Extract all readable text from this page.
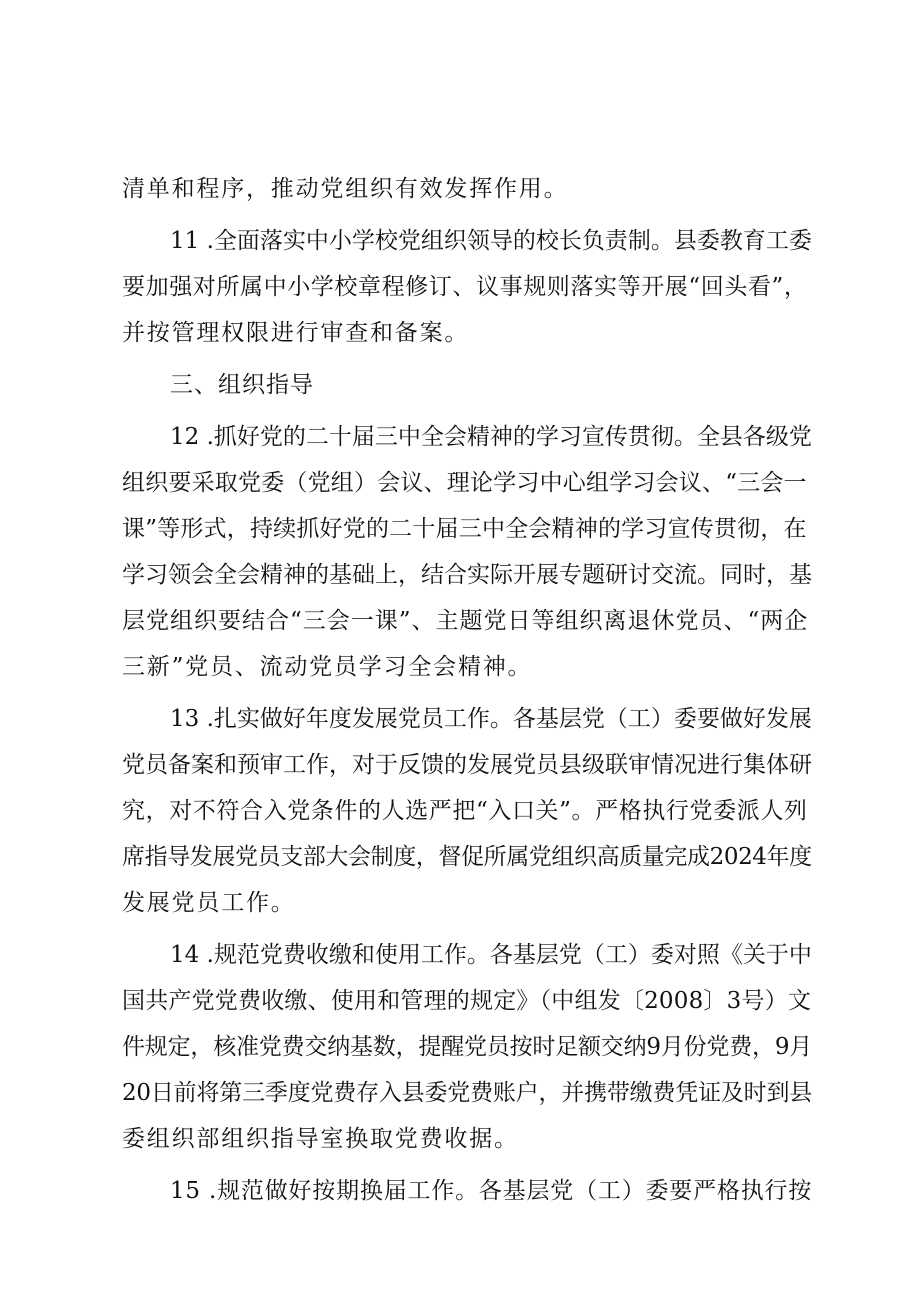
清单和程序，推动党组织有效发挥作用。
11 .全面落实中小学校党组织领导的校长负责制。县委教育工委
要加强对所属中小学校章程修订、议事规则落实等开展“回头看”，
并按管理权限进行审查和备案。
三、组织指导
12 .抓好党的二十届三中全会精神的学习宣传贯彻。全县各级党
组织要采取党委（党组）会议、理论学习中心组学习会议、“三会一
课”等形式，持续抓好党的二十届三中全会精神的学习宣传贯彻，在
学习领会全会精神的基础上，结合实际开展专题研讨交流。同时，基
层党组织要结合“三会一课”、主题党日等组织离退休党员、“两企
三新”党员、流动党员学习全会精神。
13 .扎实做好年度发展党员工作。各基层党（工）委要做好发展
党员备案和预审工作，对于反馈的发展党员县级联审情况进行集体研
究，对不符合入党条件的人选严把“入口关”。严格执行党委派人列
席指导发展党员支部大会制度，督促所属党组织高质量完成2024年度
发展党员工作。
14 .规范党费收缴和使用工作。各基层党（工）委对照《关于中
国共产党党费收缴、使用和管理的规定》（中组发〔2008〕3号）文
件规定，核准党费交纳基数，提醒党员按时足额交纳9月份党费，9月
20日前将第三季度党费存入县委党费账户，并携带缴费凭证及时到县
委组织部组织指导室换取党费收据。
15 .规范做好按期换届工作。各基层党（工）委要严格执行按
